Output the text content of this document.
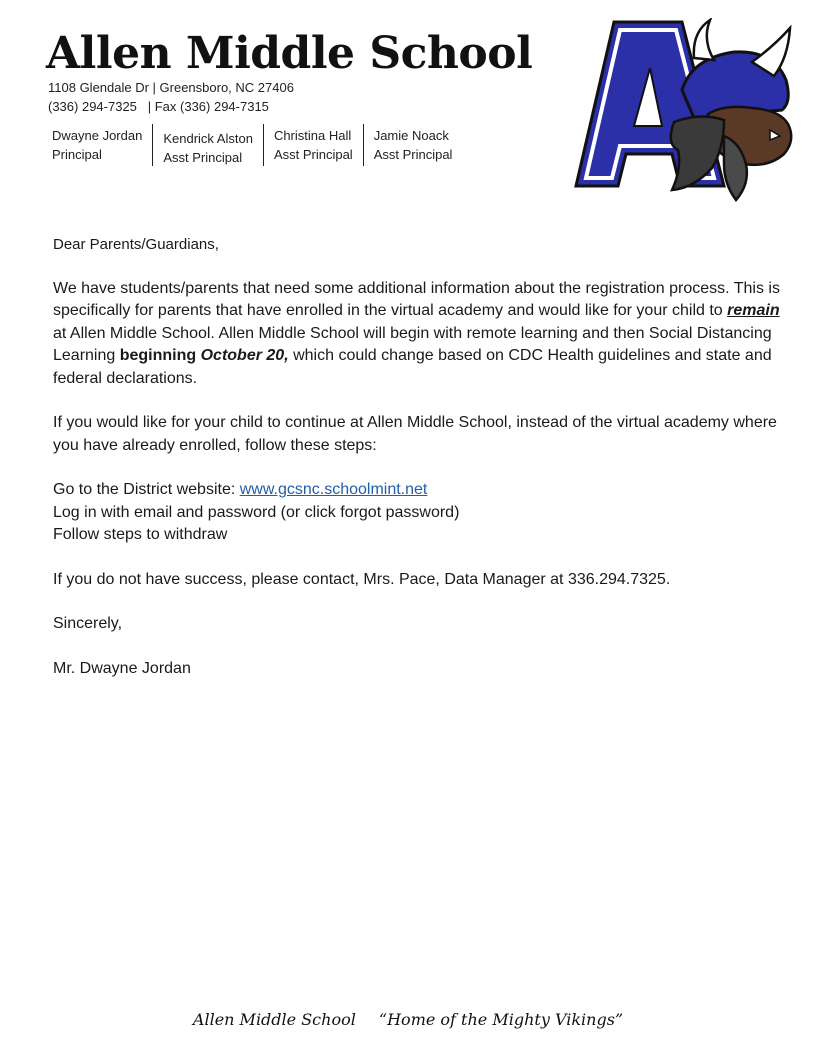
Allen Middle School
1108 Glendale Dr | Greensboro, NC 27406
(336) 294-7325   | Fax (336) 294-7315
Dwayne Jordan
Principal
Kendrick Alston
Asst Principal
Christina Hall
Asst Principal
Jamie Noack
Asst Principal

Dear Parents/Guardians,

We have students/parents that need some additional information about the registration process. This is specifically for parents that have enrolled in the virtual academy and would like for your child to remain at Allen Middle School. Allen Middle School will begin with remote learning and then Social Distancing Learning beginning October 20, which could change based on CDC Health guidelines and state and federal declarations.

If you would like for your child to continue at Allen Middle School, instead of the virtual academy where you have already enrolled, follow these steps:

Go to the District website: www.gcsnc.schoolmint.net

Log in with email and password (or click forgot password)

Follow steps to withdraw

If you do not have success, please contact, Mrs. Pace, Data Manager at 336.294.7325.

Sincerely,

Mr. Dwayne Jordan

Allen Middle School “Home of the Mighty Vikings”
